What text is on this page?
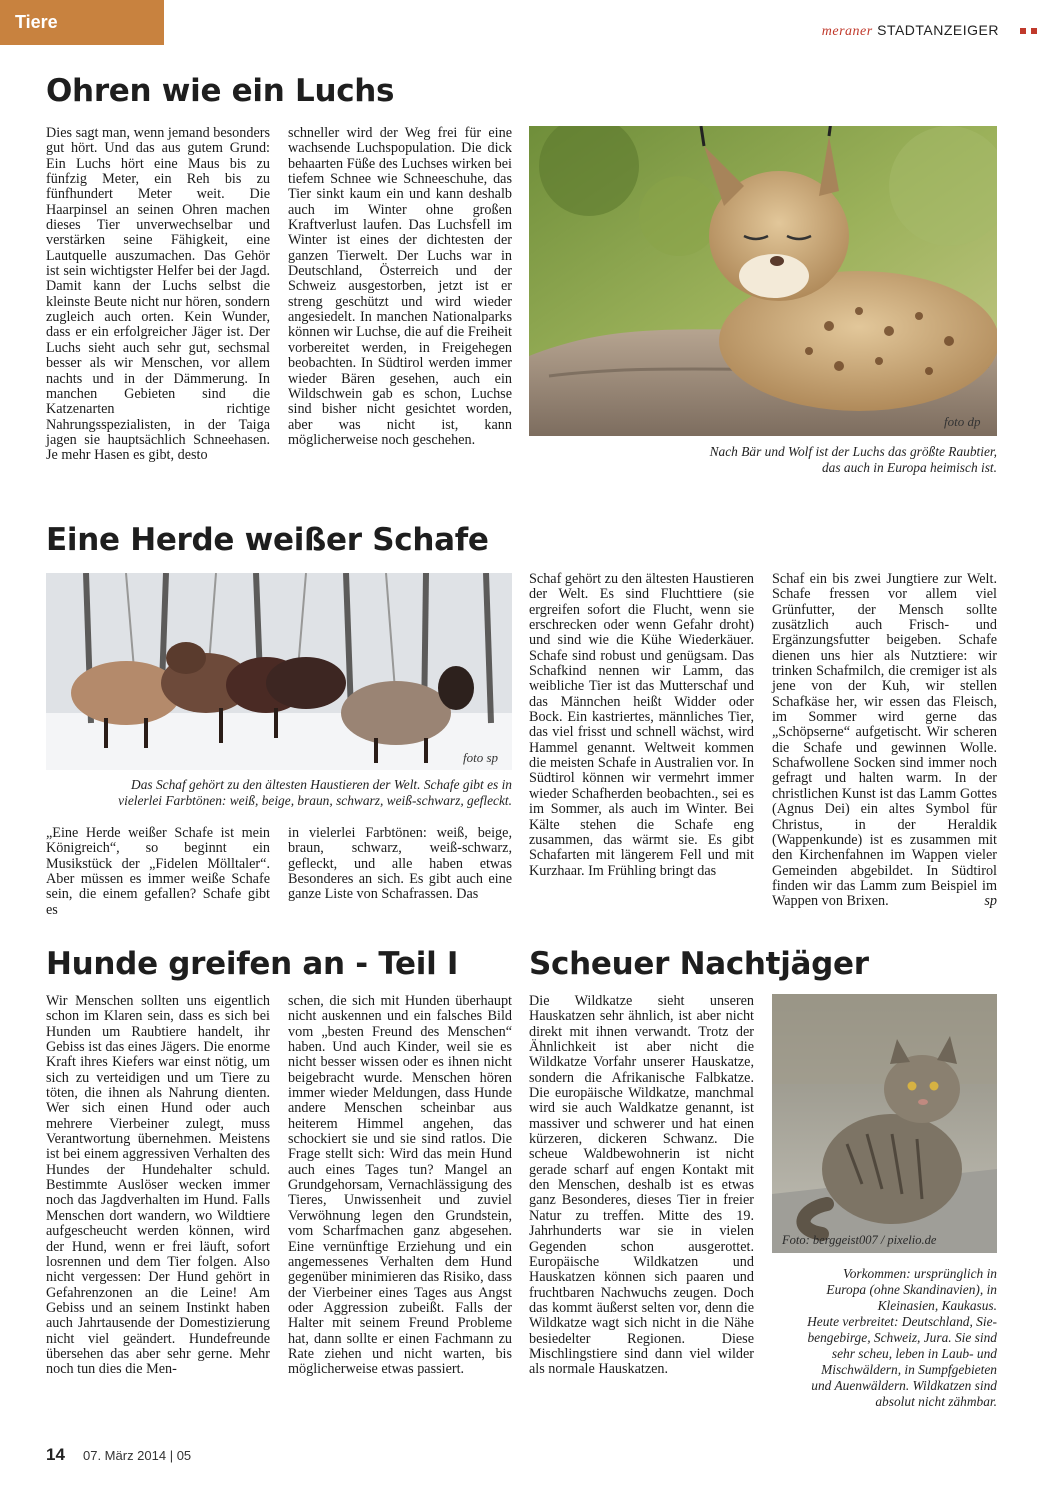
Tiere	meraner STADTANZEIGER
Ohren wie ein Luchs

Dies sagt man, wenn jemand besonders gut hört. Und das aus gutem Grund: Ein Luchs hört eine Maus bis zu fünfzig Meter, ein Reh bis zu fünfhundert Meter weit. Die Haarpinsel an seinen Ohren machen dieses Tier unverwechselbar und verstärken seine Fähigkeit, eine Lautquelle auszumachen. Das Gehör ist sein wichtigster Helfer bei der Jagd. Damit kann der Luchs selbst die kleinste Beute nicht nur hören, sondern zugleich auch orten. Kein Wunder, dass er ein erfolgreicher Jäger ist. Der Luchs sieht auch sehr gut, sechsmal besser als wir Menschen, vor allem nachts und in der Dämmerung. In manchen Gebieten sind die Katzenarten richtige Nahrungsspezialisten, in der Taiga jagen sie hauptsächlich Schneehasen. Je mehr Hasen es gibt, desto

schneller wird der Weg frei für eine wachsende Luchspopulation. Die dick behaarten Füße des Luchses wirken bei tiefem Schnee wie Schneeschuhe, das Tier sinkt kaum ein und kann deshalb auch im Winter ohne großen Kraftverlust laufen. Das Luchsfell im Winter ist eines der dichtesten der ganzen Tierwelt. Der Luchs war in Deutschland, Österreich und der Schweiz ausgestorben, jetzt ist er streng geschützt und wird wieder angesiedelt. In manchen Nationalparks können wir Luchse, die auf die Freiheit vorbereitet werden, in Freigehegen beobachten. In Südtirol werden immer wieder Bären gesehen, auch ein Wildschwein gab es schon, Luchse sind bisher nicht gesichtet worden, aber was nicht ist, kann möglicherweise noch geschehen.

foto dp

Nach Bär und Wolf ist der Luchs das größte Raubtier,
das auch in Europa heimisch ist.

Eine Herde weißer Schafe
foto sp

Das Schaf gehört zu den ältesten Haustieren der Welt. Schafe gibt es in
vielerlei Farbtönen: weiß, beige, braun, schwarz, weiß-schwarz, gefleckt.

„Eine Herde weißer Schafe ist mein Königreich“, so beginnt ein Musikstück der „Fidelen Mölltaler“. Aber müssen es immer weiße Schafe sein, die einem gefallen? Schafe gibt es

in vielerlei Farbtönen: weiß, beige, braun, schwarz, weiß-schwarz, gefleckt, und alle haben etwas Besonderes an sich. Es gibt auch eine ganze Liste von Schafrassen. Das

Schaf gehört zu den ältesten Haustieren der Welt. Es sind Fluchttiere (sie ergreifen sofort die Flucht, wenn sie erschrecken oder wenn Gefahr droht) und sind wie die Kühe Wiederkäuer. Schafe sind robust und genügsam. Das Schafkind nennen wir Lamm, das weibliche Tier ist das Mutterschaf und das Männchen heißt Widder oder Bock. Ein kastriertes, männliches Tier, das viel frisst und schnell wächst, wird Hammel genannt. Weltweit kommen die meisten Schafe in Australien vor. In Südtirol können wir vermehrt immer wieder Schafherden beobachten., sei es im Sommer, als auch im Winter. Bei Kälte stehen die Schafe eng zusammen, das wärmt sie. Es gibt Schafarten mit längerem Fell und mit Kurzhaar. Im Frühling bringt das

Schaf ein bis zwei Jungtiere zur Welt. Schafe fressen vor allem viel Grünfutter, der Mensch sollte zusätzlich auch Frisch- und Ergänzungsfutter beigeben. Schafe dienen uns hier als Nutztiere: wir trinken Schafmilch, die cremiger ist als jene von der Kuh, wir stellen Schafkäse her, wir essen das Fleisch, im Sommer wird gerne das „Schöpserne“ aufgetischt. Wir scheren die Schafe und gewinnen Wolle. Schafwollene Socken sind immer noch gefragt und halten warm. In der christlichen Kunst ist das Lamm Gottes (Agnus Dei) ein altes Symbol für Christus, in der Heraldik (Wappenkunde) ist es zusammen mit den Kirchenfahnen im Wappen vieler Gemeinden abgebildet. In Südtirol finden wir das Lamm zum Beispiel im Wappen von Brixen.	sp

Hunde greifen an - Teil I

Wir Menschen sollten uns eigentlich schon im Klaren sein, dass es sich bei Hunden um Raubtiere handelt, ihr Gebiss ist das eines Jägers. Die enorme Kraft ihres Kiefers war einst nötig, um sich zu verteidigen und um Tiere zu töten, die ihnen als Nahrung dienten. Wer sich einen Hund oder auch mehrere Vierbeiner zulegt, muss Verantwortung übernehmen. Meistens ist bei einem aggressiven Verhalten des Hundes der Hundehalter schuld. Bestimmte Auslöser wecken immer noch das Jagdverhalten im Hund. Falls Menschen dort wandern, wo Wildtiere aufgescheucht werden können, wird der Hund, wenn er frei läuft, sofort losrennen und dem Tier folgen. Also nicht vergessen: Der Hund gehört in Gefahrenzonen an die Leine! Am Gebiss und an seinem Instinkt haben auch Jahrtausende der Domestizierung nicht viel geändert. Hundefreunde übersehen das aber sehr gerne. Mehr noch tun dies die Men-

schen, die sich mit Hunden überhaupt nicht auskennen und ein falsches Bild vom „besten Freund des Menschen“ haben. Und auch Kinder, weil sie es nicht besser wissen oder es ihnen nicht beigebracht wurde. Menschen hören immer wieder Meldungen, dass Hunde andere Menschen scheinbar aus heiterem Himmel angehen, das schockiert sie und sie sind ratlos. Die Frage stellt sich: Wird das mein Hund auch eines Tages tun? Mangel an Grundgehorsam, Vernachlässigung des Tieres, Unwissenheit und zuviel Verwöhnung legen den Grundstein, vom Scharfmachen ganz abgesehen. Eine vernünftige Erziehung und ein angemessenes Verhalten dem Hund gegenüber minimieren das Risiko, dass der Vierbeiner eines Tages aus Angst oder Aggression zubeißt. Falls der Halter mit seinem Freund Probleme hat, dann sollte er einen Fachmann zu Rate ziehen und nicht warten, bis möglicherweise etwas passiert.

Scheuer Nachtjäger

Die Wildkatze sieht unseren Hauskatzen sehr ähnlich, ist aber nicht direkt mit ihnen verwandt. Trotz der Ähnlichkeit ist aber nicht die Wildkatze Vorfahr unserer Hauskatze, sondern die Afrikanische Falbkatze. Die europäische Wildkatze, manchmal wird sie auch Waldkatze genannt, ist massiver und schwerer und hat einen kürzeren, dickeren Schwanz. Die scheue Waldbewohnerin ist nicht gerade scharf auf engen Kontakt mit den Menschen, deshalb ist es etwas ganz Besonderes, dieses Tier in freier Natur zu treffen. Mitte des 19. Jahrhunderts war sie in vielen Gegenden schon ausgerottet. Europäische Wildkatzen und Hauskatzen können sich paaren und fruchtbaren Nachwuchs zeugen. Doch das kommt äußerst selten vor, denn die Wildkatze wagt sich nicht in die Nähe besiedelter Regionen. Diese Mischlingstiere sind dann viel wilder als normale Hauskatzen.

Foto: berggeist007 / pixelio.de

Vorkommen: ursprünglich in
Europa (ohne Skandinavien), in
Kleinasien, Kaukasus.
Heute verbreitet: Deutschland, Sie-
bengebirge, Schweiz, Jura. Sie sind
sehr scheu, leben in Laub- und
Mischwäldern, in Sumpfgebieten
und Auenwäldern. Wildkatzen sind
absolut nicht zähmbar.

14 07. März 2014 | 05
